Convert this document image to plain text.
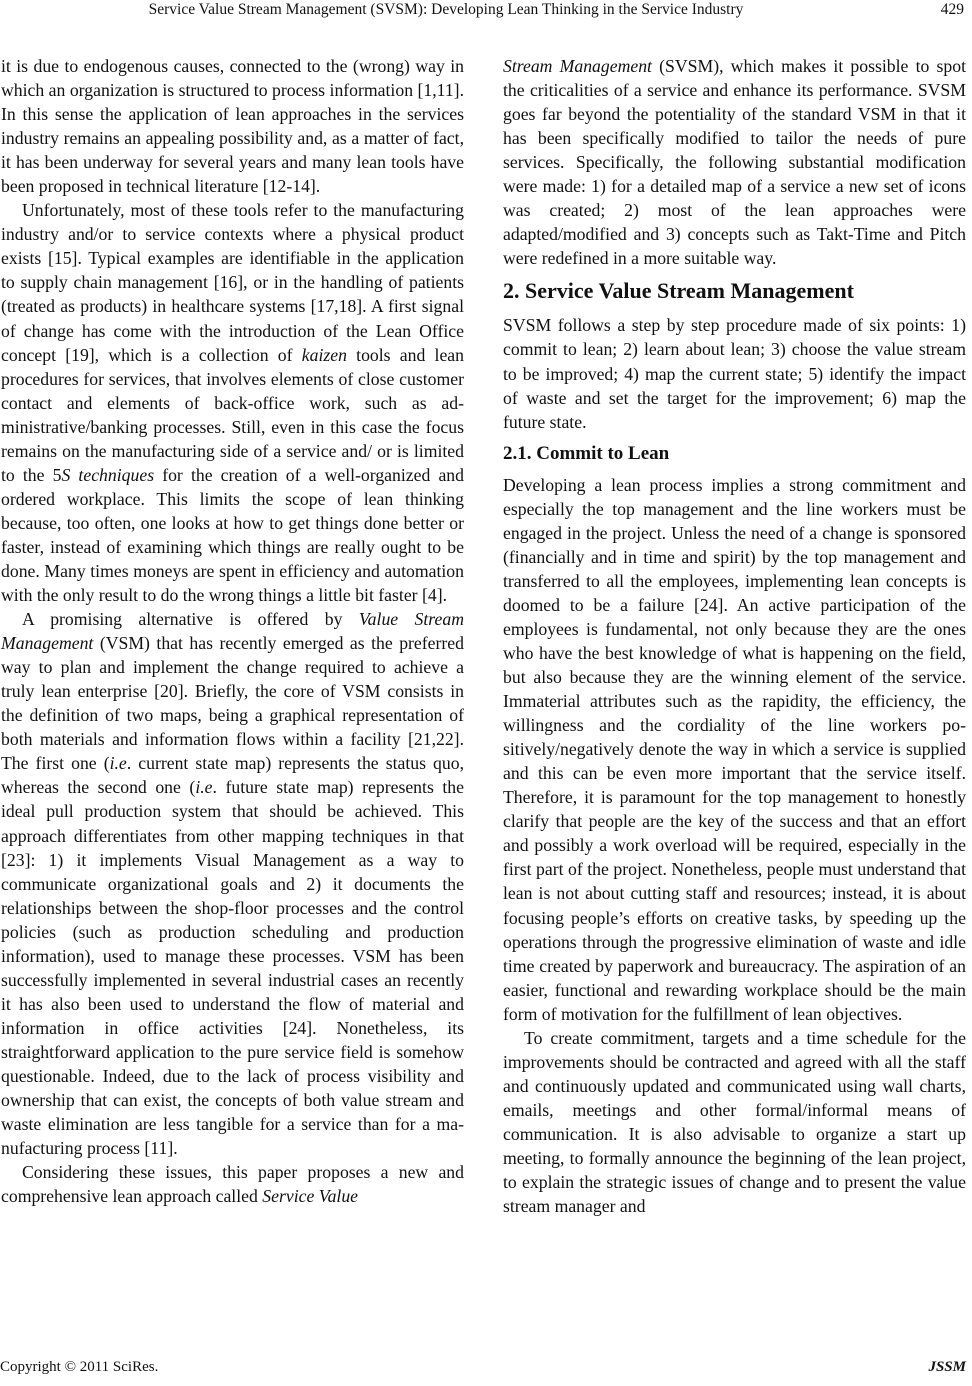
Service Value Stream Management (SVSM): Developing Lean Thinking in the Service Industry	429

it is due to endogenous causes, connected to the (wrong) way in which an organization is structured to process information [1,11]. In this sense the application of lean approaches in the services industry remains an appealing possibility and, as a matter of fact, it has been underway for several years and many lean tools have been proposed in technical literature [12-14].

Unfortunately, most of these tools refer to the manufacturing industry and/or to service contexts where a physical product exists [15]. Typical examples are identifiable in the application to supply chain management [16], or in the handling of patients (treated as products) in healthcare systems [17,18]. A first signal of change has come with the introduction of the Lean Office concept [19], which is a collection of kaizen tools and lean procedures for services, that involves elements of close customer contact and elements of back-office work, such as administrative/banking processes. Still, even in this case the focus remains on the manufacturing side of a service and/ or is limited to the 5S techniques for the creation of a well-organized and ordered workplace. This limits the scope of lean thinking because, too often, one looks at how to get things done better or faster, instead of examining which things are really ought to be done. Many times moneys are spent in efficiency and automation with the only result to do the wrong things a little bit faster [4].

A promising alternative is offered by Value Stream Management (VSM) that has recently emerged as the preferred way to plan and implement the change required to achieve a truly lean enterprise [20]. Briefly, the core of VSM consists in the definition of two maps, being a graphical representation of both materials and information flows within a facility [21,22]. The first one (i.e. current state map) represents the status quo, whereas the second one (i.e. future state map) represents the ideal pull production system that should be achieved. This approach differentiates from other mapping techniques in that [23]: 1) it implements Visual Management as a way to communicate organizational goals and 2) it documents the relationships between the shop-floor processes and the control policies (such as production scheduling and production information), used to manage these processes. VSM has been successfully implemented in several industrial cases an recently it has also been used to understand the flow of material and information in office activities [24]. Nonetheless, its straightforward application to the pure service field is somehow questionable. Indeed, due to the lack of process visibility and ownership that can exist, the concepts of both value stream and waste elimination are less tangible for a service than for a manufacturing process [11].

Considering these issues, this paper proposes a new and comprehensive lean approach called Service Value

Stream Management (SVSM), which makes it possible to spot the criticalities of a service and enhance its performance. SVSM goes far beyond the potentiality of the standard VSM in that it has been specifically modified to tailor the needs of pure services. Specifically, the following substantial modification were made: 1) for a detailed map of a service a new set of icons was created; 2) most of the lean approaches were adapted/modified and 3) concepts such as Takt-Time and Pitch were redefined in a more suitable way.

2. Service Value Stream Management

SVSM follows a step by step procedure made of six points: 1) commit to lean; 2) learn about lean; 3) choose the value stream to be improved; 4) map the current state; 5) identify the impact of waste and set the target for the improvement; 6) map the future state.

2.1. Commit to Lean

Developing a lean process implies a strong commitment and especially the top management and the line workers must be engaged in the project. Unless the need of a change is sponsored (financially and in time and spirit) by the top management and transferred to all the employees, implementing lean concepts is doomed to be a failure [24]. An active participation of the employees is fundamental, not only because they are the ones who have the best knowledge of what is happening on the field, but also because they are the winning element of the service. Immaterial attributes such as the rapidity, the efficiency, the willingness and the cordiality of the line workers positively/negatively denote the way in which a service is supplied and this can be even more important that the service itself. Therefore, it is paramount for the top management to honestly clarify that people are the key of the success and that an effort and possibly a work overload will be required, especially in the first part of the project. Nonetheless, people must understand that lean is not about cutting staff and resources; instead, it is about focusing people’s efforts on creative tasks, by speeding up the operations through the progressive elimination of waste and idle time created by paperwork and bureaucracy. The aspiration of an easier, functional and rewarding workplace should be the main form of motivation for the fulfillment of lean objectives.

To create commitment, targets and a time schedule for the improvements should be contracted and agreed with all the staff and continuously updated and communicated using wall charts, emails, meetings and other formal/informal means of communication. It is also advisable to organize a start up meeting, to formally announce the beginning of the lean project, to explain the strategic issues of change and to present the value stream manager and

Copyright © 2011 SciRes.	JSSM
